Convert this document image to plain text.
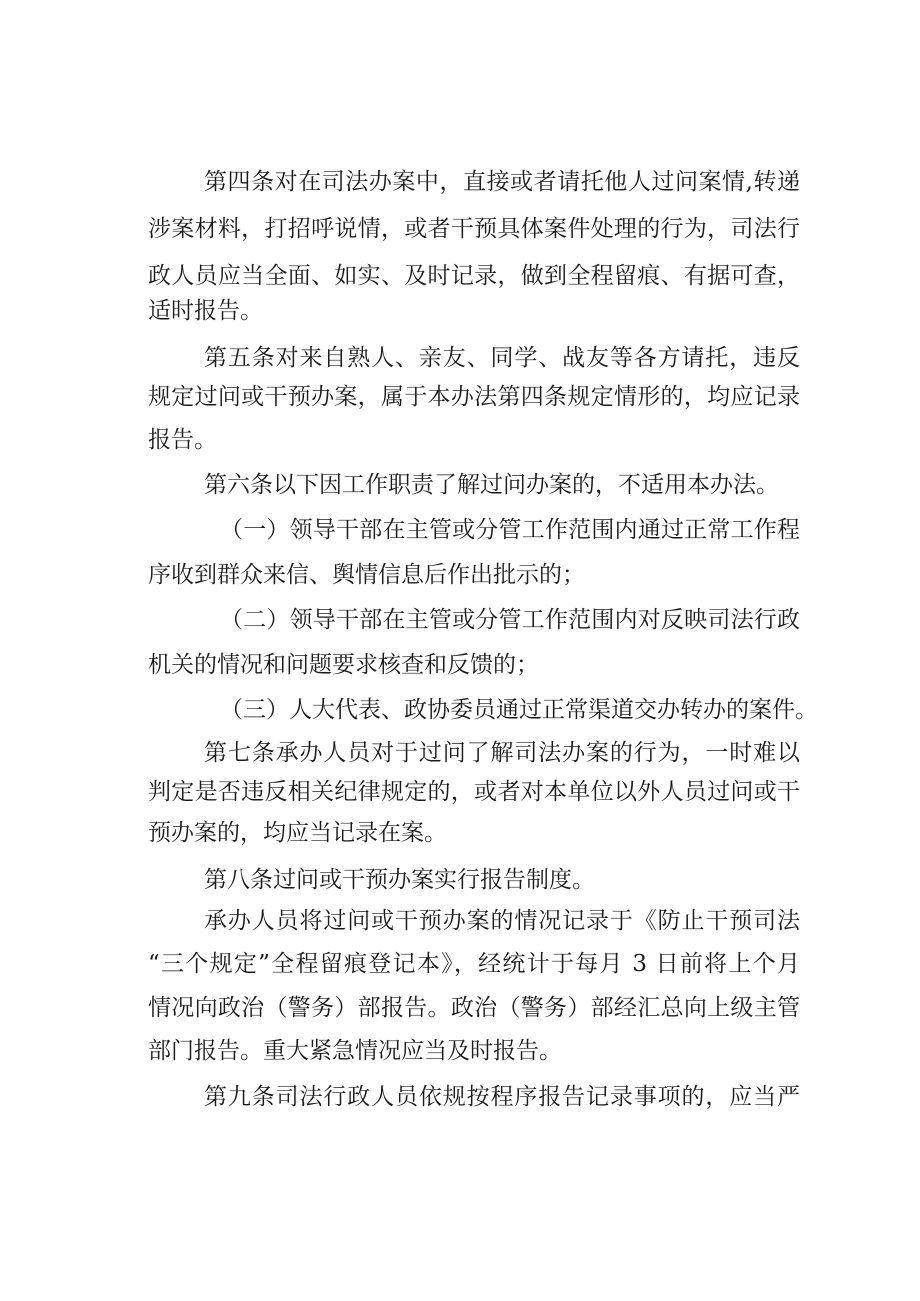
第四条对在司法办案中，直接或者请托他人过问案情,转递
涉案材料，打招呼说情，或者干预具体案件处理的行为，司法行
政人员应当全面、如实、及时记录，做到全程留痕、有据可查，
适时报告。
第五条对来自熟人、亲友、同学、战友等各方请托，违反
规定过问或干预办案，属于本办法第四条规定情形的，均应记录
报告。
第六条以下因工作职责了解过问办案的，不适用本办法。
（一）领导干部在主管或分管工作范围内通过正常工作程
序收到群众来信、舆情信息后作出批示的；
（二）领导干部在主管或分管工作范围内对反映司法行政
机关的情况和问题要求核查和反馈的；
（三）人大代表、政协委员通过正常渠道交办转办的案件。
第七条承办人员对于过问了解司法办案的行为，一时难以
判定是否违反相关纪律规定的，或者对本单位以外人员过问或干
预办案的，均应当记录在案。
第八条过问或干预办案实行报告制度。
承办人员将过问或干预办案的情况记录于《防止干预司法
“三个规定”全程留痕登记本》，经统计于每月 3 日前将上个月
情况向政治（警务）部报告。政治（警务）部经汇总向上级主管
部门报告。重大紧急情况应当及时报告。
第九条司法行政人员依规按程序报告记录事项的，应当严
